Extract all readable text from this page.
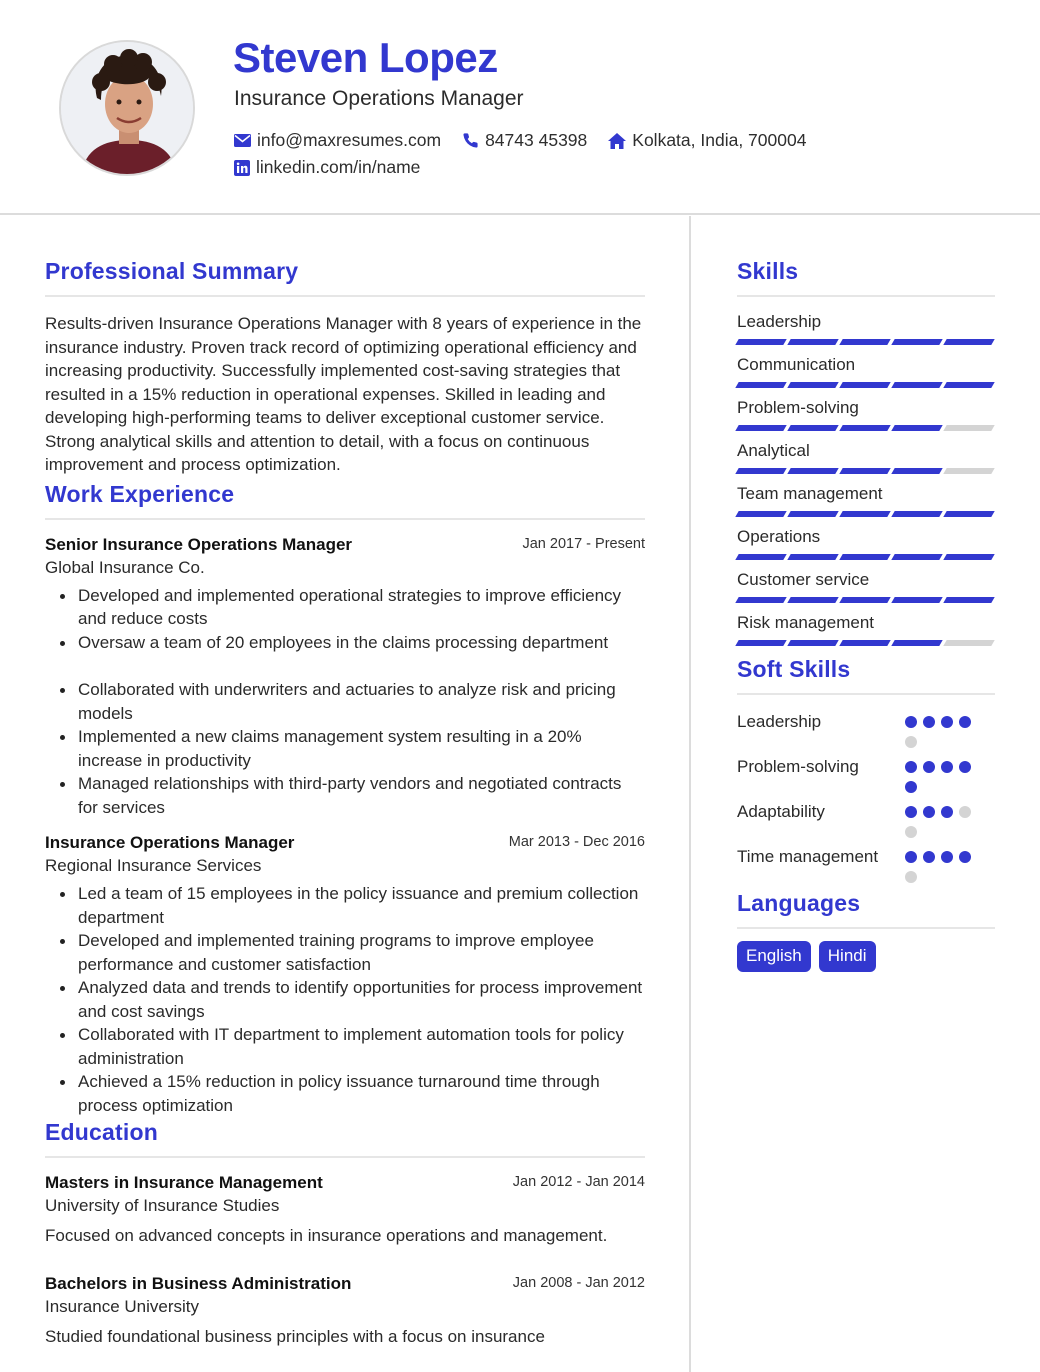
Steven Lopez
Insurance Operations Manager
info@maxresumes.com	84743 45398	Kolkata, India, 700004
linkedin.com/in/name
Professional Summary

Results-driven Insurance Operations Manager with 8 years of experience in the insurance industry. Proven track record of optimizing operational efficiency and increasing productivity. Successfully implemented cost-saving strategies that resulted in a 15% reduction in operational expenses. Skilled in leading and developing high-performing teams to deliver exceptional customer service. Strong analytical skills and attention to detail, with a focus on continuous improvement and process optimization.

Work Experience
Senior Insurance Operations Manager	Jan 2017 - Present
Global Insurance Co.
Developed and implemented operational strategies to improve efficiency and reduce costs
Oversaw a team of 20 employees in the claims processing department
Collaborated with underwriters and actuaries to analyze risk and pricing models
Implemented a new claims management system resulting in a 20% increase in productivity
Managed relationships with third-party vendors and negotiated contracts for services
Insurance Operations Manager	Mar 2013 - Dec 2016
Regional Insurance Services
Led a team of 15 employees in the policy issuance and premium collection department
Developed and implemented training programs to improve employee performance and customer satisfaction
Analyzed data and trends to identify opportunities for process improvement and cost savings
Collaborated with IT department to implement automation tools for policy administration
Achieved a 15% reduction in policy issuance turnaround time through process optimization
Education
Masters in Insurance Management	Jan 2012 - Jan 2014
University of Insurance Studies
Focused on advanced concepts in insurance operations and management.
Bachelors in Business Administration	Jan 2008 - Jan 2012
Insurance University
Studied foundational business principles with a focus on insurance
Skills
Leadership
Communication
Problem-solving
Analytical
Team management
Operations
Customer service
Risk management
Soft Skills
Leadership
Problem-solving
Adaptability
Time management
Languages
English	Hindi
